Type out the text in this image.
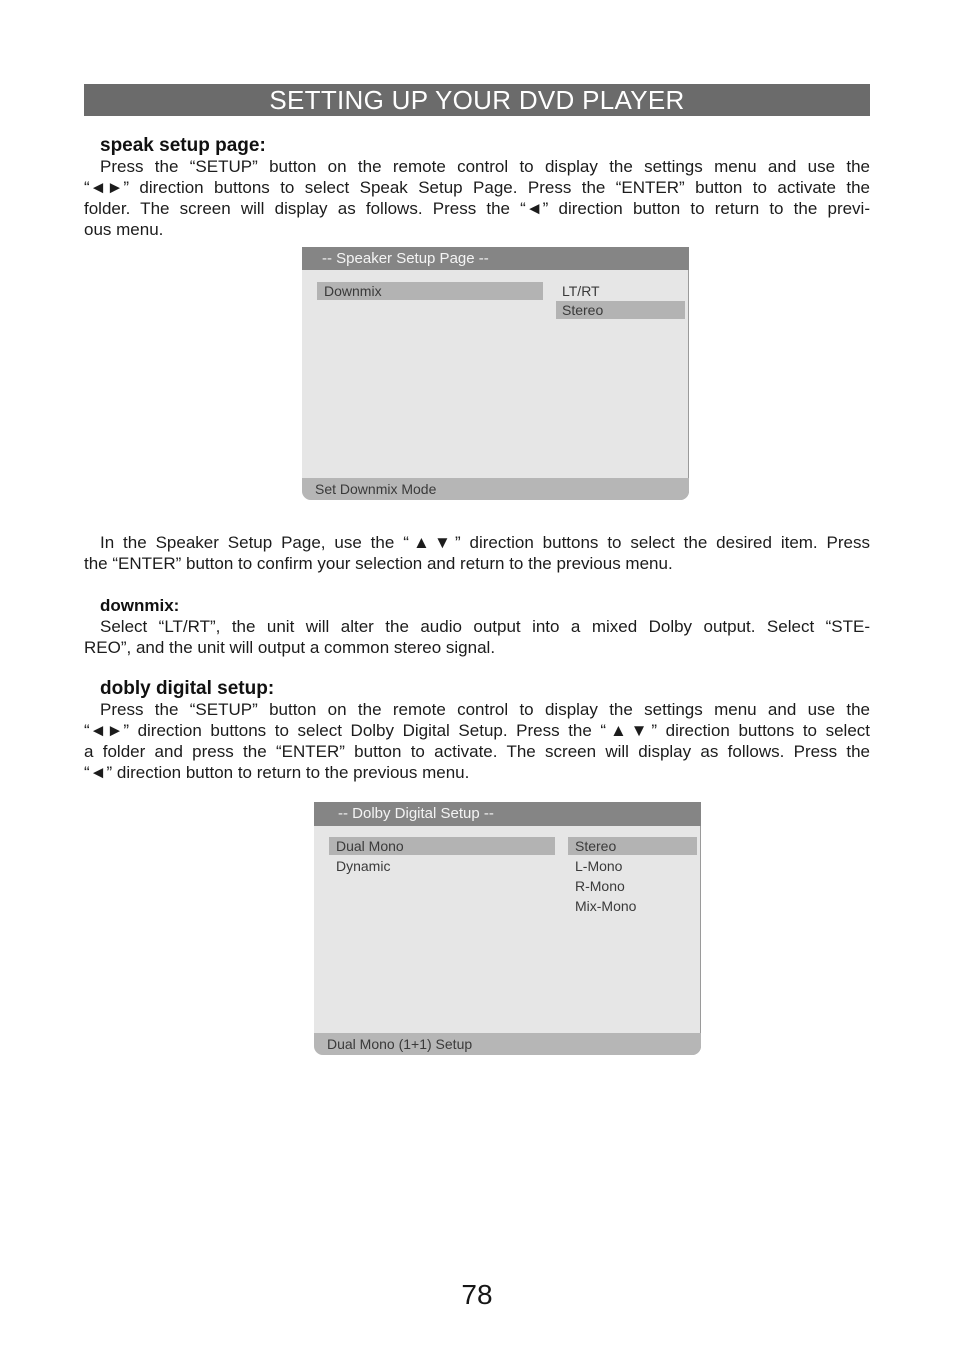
SETTING UP YOUR DVD PLAYER
speak setup page:
Press the “SETUP” button on the remote control to display the settings menu and use the
“◄►” direction buttons to select Speak Setup Page. Press the “ENTER” button to activate the
folder. The screen will display as follows. Press the “◄” direction button to return to the previ-
ous menu.
-- Speaker Setup Page --
Downmix	LT/RT
Stereo
Set Downmix Mode
In the Speaker Setup Page, use the “▲▼” direction buttons to select the desired item. Press
the “ENTER” button to confirm your selection and return to the previous menu.
downmix:
Select “LT/RT”, the unit will alter the audio output into a mixed Dolby output. Select “STE-
REO”, and the unit will output a common stereo signal.
dobly digital setup:
Press the “SETUP” button on the remote control to display the settings menu and use the
“◄►” direction buttons to select Dolby Digital Setup. Press the “▲▼” direction buttons to select
a folder and press the “ENTER” button to activate. The screen will display as follows. Press the
“◄” direction button to return to the previous menu.
-- Dolby Digital Setup --
Dual Mono
Dynamic
Stereo
L-Mono
R-Mono
Mix-Mono
Dual Mono (1+1) Setup
78
